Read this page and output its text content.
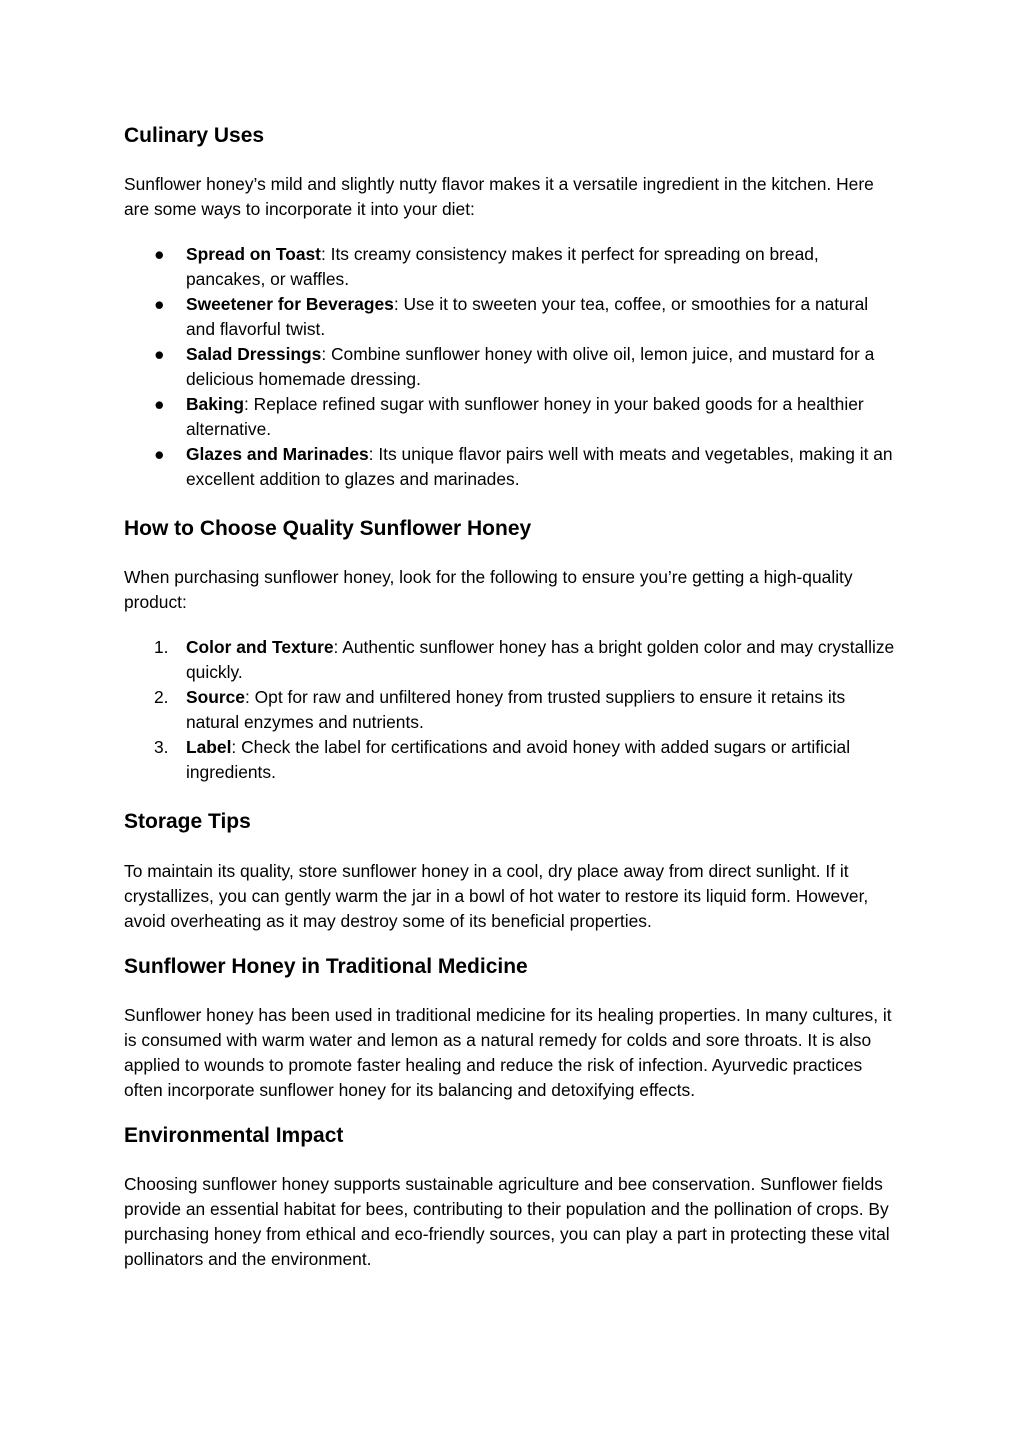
Culinary Uses

Sunflower honey’s mild and slightly nutty flavor makes it a versatile ingredient in the kitchen. Here are some ways to incorporate it into your diet:

● Spread on Toast: Its creamy consistency makes it perfect for spreading on bread, pancakes, or waffles.
● Sweetener for Beverages: Use it to sweeten your tea, coffee, or smoothies for a natural and flavorful twist.
● Salad Dressings: Combine sunflower honey with olive oil, lemon juice, and mustard for a delicious homemade dressing.
● Baking: Replace refined sugar with sunflower honey in your baked goods for a healthier alternative.
● Glazes and Marinades: Its unique flavor pairs well with meats and vegetables, making it an excellent addition to glazes and marinades.
How to Choose Quality Sunflower Honey

When purchasing sunflower honey, look for the following to ensure you’re getting a high-quality product:

1. Color and Texture: Authentic sunflower honey has a bright golden color and may crystallize quickly.
2. Source: Opt for raw and unfiltered honey from trusted suppliers to ensure it retains its natural enzymes and nutrients.
3. Label: Check the label for certifications and avoid honey with added sugars or artificial ingredients.
Storage Tips

To maintain its quality, store sunflower honey in a cool, dry place away from direct sunlight. If it crystallizes, you can gently warm the jar in a bowl of hot water to restore its liquid form. However, avoid overheating as it may destroy some of its beneficial properties.

Sunflower Honey in Traditional Medicine

Sunflower honey has been used in traditional medicine for its healing properties. In many cultures, it is consumed with warm water and lemon as a natural remedy for colds and sore throats. It is also applied to wounds to promote faster healing and reduce the risk of infection. Ayurvedic practices often incorporate sunflower honey for its balancing and detoxifying effects.

Environmental Impact

Choosing sunflower honey supports sustainable agriculture and bee conservation. Sunflower fields provide an essential habitat for bees, contributing to their population and the pollination of crops. By purchasing honey from ethical and eco-friendly sources, you can play a part in protecting these vital pollinators and the environment.
